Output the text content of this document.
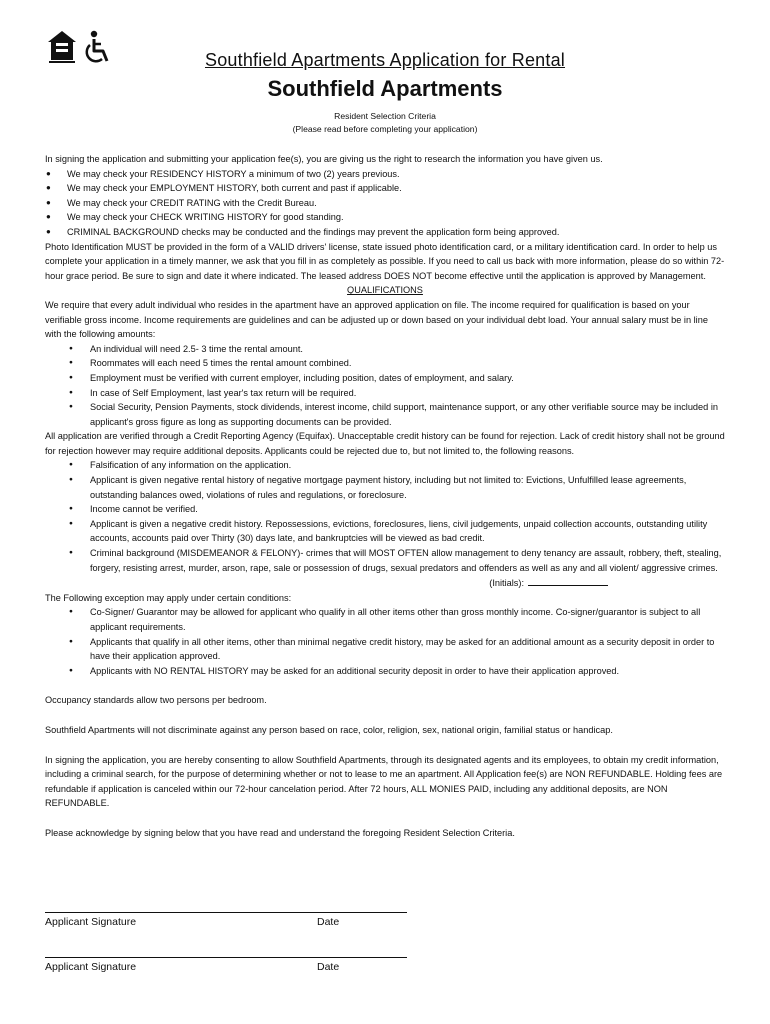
Southfield Apartments Application for Rental
Southfield Apartments
Resident Selection Criteria
(Please read before completing your application)

In signing the application and submitting your application fee(s), you are giving us the right to research the information you have given us.

● We may check your RESIDENCY HISTORY a minimum of two (2) years previous.
● We may check your EMPLOYMENT HISTORY, both current and past if applicable.
● We may check your CREDIT RATING with the Credit Bureau.
● We may check your CHECK WRITING HISTORY for good standing.
● CRIMINAL BACKGROUND checks may be conducted and the findings may prevent the application form being approved.

Photo Identification MUST be provided in the form of a VALID drivers' license, state issued photo identification card, or a military identification card. In order to help us complete your application in a timely manner, we ask that you fill in as completely as possible. If you need to call us back with more information, please do so within 72-hour grace period. Be sure to sign and date it where indicated. The leased address DOES NOT become effective until the application is approved by Management.

QUALIFICATIONS

We require that every adult individual who resides in the apartment have an approved application on file. The income required for qualification is based on your verifiable gross income. Income requirements are guidelines and can be adjusted up or down based on your individual debt load. Your annual salary must be in line with the following amounts:

● An individual will need 2.5- 3 time the rental amount.
● Roommates will each need 5 times the rental amount combined.
● Employment must be verified with current employer, including position, dates of employment, and salary.
● In case of Self Employment, last year's tax return will be required.
● Social Security, Pension Payments, stock dividends, interest income, child support, maintenance support, or any other verifiable source may be included in applicant's gross figure as long as supporting documents can be provided.

All application are verified through a Credit Reporting Agency (Equifax). Unacceptable credit history can be found for rejection. Lack of credit history shall not be ground for rejection however may require additional deposits. Applicants could be rejected due to, but not limited to, the following reasons.

● Falsification of any information on the application.
● Applicant is given negative rental history of negative mortgage payment history, including but not limited to: Evictions, Unfulfilled lease agreements, outstanding balances owed, violations of rules and regulations, or foreclosure.
● Income cannot be verified.
● Applicant is given a negative credit history. Repossessions, evictions, foreclosures, liens, civil judgements, unpaid collection accounts, outstanding utility accounts, accounts paid over Thirty (30) days late, and bankruptcies will be viewed as bad credit.
● Criminal background (MISDEMEANOR & FELONY)- crimes that will MOST OFTEN allow management to deny tenancy are assault, robbery, theft, stealing, forgery, resisting arrest, murder, arson, rape, sale or possession of drugs, sexual predators and offenders as well as any and all violent/ aggressive crimes.

(Initials):

The Following exception may apply under certain conditions:

● Co-Signer/ Guarantor may be allowed for applicant who qualify in all other items other than gross monthly income. Co-signer/guarantor is subject to all applicant requirements.
● Applicants that qualify in all other items, other than minimal negative credit history, may be asked for an additional amount as a security deposit in order to have their application approved.
● Applicants with NO RENTAL HISTORY may be asked for an additional security deposit in order to have their application approved.

Occupancy standards allow two persons per bedroom.

Southfield Apartments will not discriminate against any person based on race, color, religion, sex, national origin, familial status or handicap.

In signing the application, you are hereby consenting to allow Southfield Apartments, through its designated agents and its employees, to obtain my credit information, including a criminal search, for the purpose of determining whether or not to lease to me an apartment. All Application fee(s) are NON REFUNDABLE. Holding fees are refundable if application is canceled within our 72-hour cancelation period. After 72 hours, ALL MONIES PAID, including any additional deposits, are NON REFUNDABLE.

Please acknowledge by signing below that you have read and understand the foregoing Resident Selection Criteria.

Applicant Signature	Date
Applicant Signature	Date
